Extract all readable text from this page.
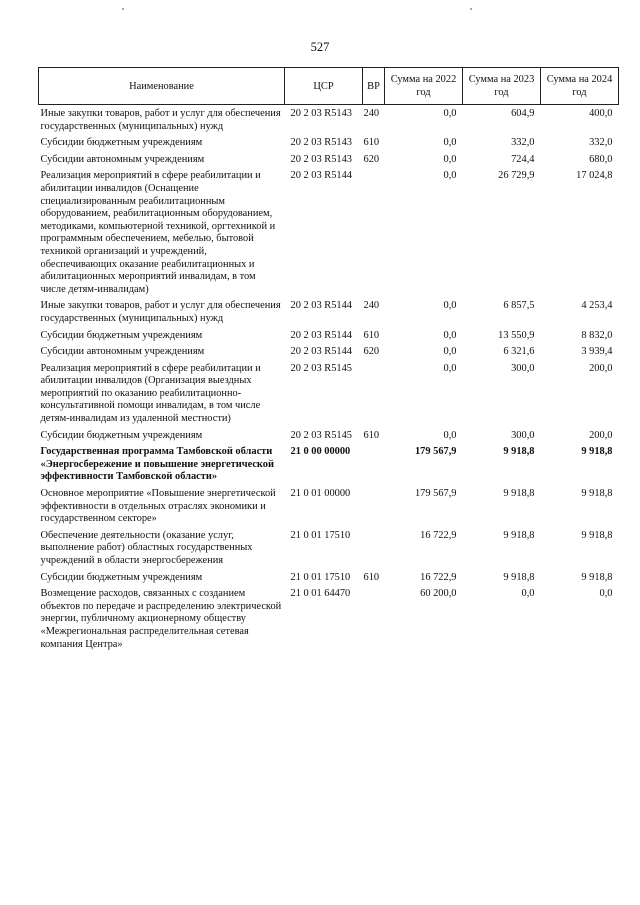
527
Наименование	ЦСР	ВР	Сумма на 2022 год	Сумма на 2023 год	Сумма на 2024 год
Иные закупки товаров, работ и услуг для обеспечения государственных (муниципальных) нужд	20 2 03 R5143	240	0,0	604,9	400,0
Субсидии бюджетным учреждениям	20 2 03 R5143	610	0,0	332,0	332,0
Субсидии автономным учреждениям	20 2 03 R5143	620	0,0	724,4	680,0
Реализация мероприятий в сфере реабилитации и абилитации инвалидов (Оснащение специализированным реабилитационным оборудованием, реабилитационным оборудованием, методиками, компьютерной техникой, оргтехникой и программным обеспечением, мебелью, бытовой техникой организаций и учреждений, обеспечивающих оказание реабилитационных и абилитационных мероприятий инвалидам, в том числе детям-инвалидам)	20 2 03 R5144		0,0	26 729,9	17 024,8
Иные закупки товаров, работ и услуг для обеспечения государственных (муниципальных) нужд	20 2 03 R5144	240	0,0	6 857,5	4 253,4
Субсидии бюджетным учреждениям	20 2 03 R5144	610	0,0	13 550,9	8 832,0
Субсидии автономным учреждениям	20 2 03 R5144	620	0,0	6 321,6	3 939,4
Реализация мероприятий в сфере реабилитации и абилитации инвалидов (Организация выездных мероприятий по оказанию реабилитационно-консультативной помощи инвалидам, в том числе детям-инвалидам из удаленной местности)	20 2 03 R5145		0,0	300,0	200,0
Субсидии бюджетным учреждениям	20 2 03 R5145	610	0,0	300,0	200,0
Государственная программа Тамбовской области «Энергосбережение и повышение энергетической эффективности Тамбовской области»	21 0 00 00000		179 567,9	9 918,8	9 918,8
Основное мероприятие «Повышение энергетической эффективности в отдельных отраслях экономики и государственном секторе»	21 0 01 00000		179 567,9	9 918,8	9 918,8
Обеспечение деятельности (оказание услуг, выполнение работ) областных государственных учреждений в области энергосбережения	21 0 01 17510		16 722,9	9 918,8	9 918,8
Субсидии бюджетным учреждениям	21 0 01 17510	610	16 722,9	9 918,8	9 918,8
Возмещение расходов, связанных с созданием объектов по передаче и распределению электрической энергии, публичному акционерному обществу «Межрегиональная распределительная сетевая компания Центра»	21 0 01 64470		60 200,0	0,0	0,0
